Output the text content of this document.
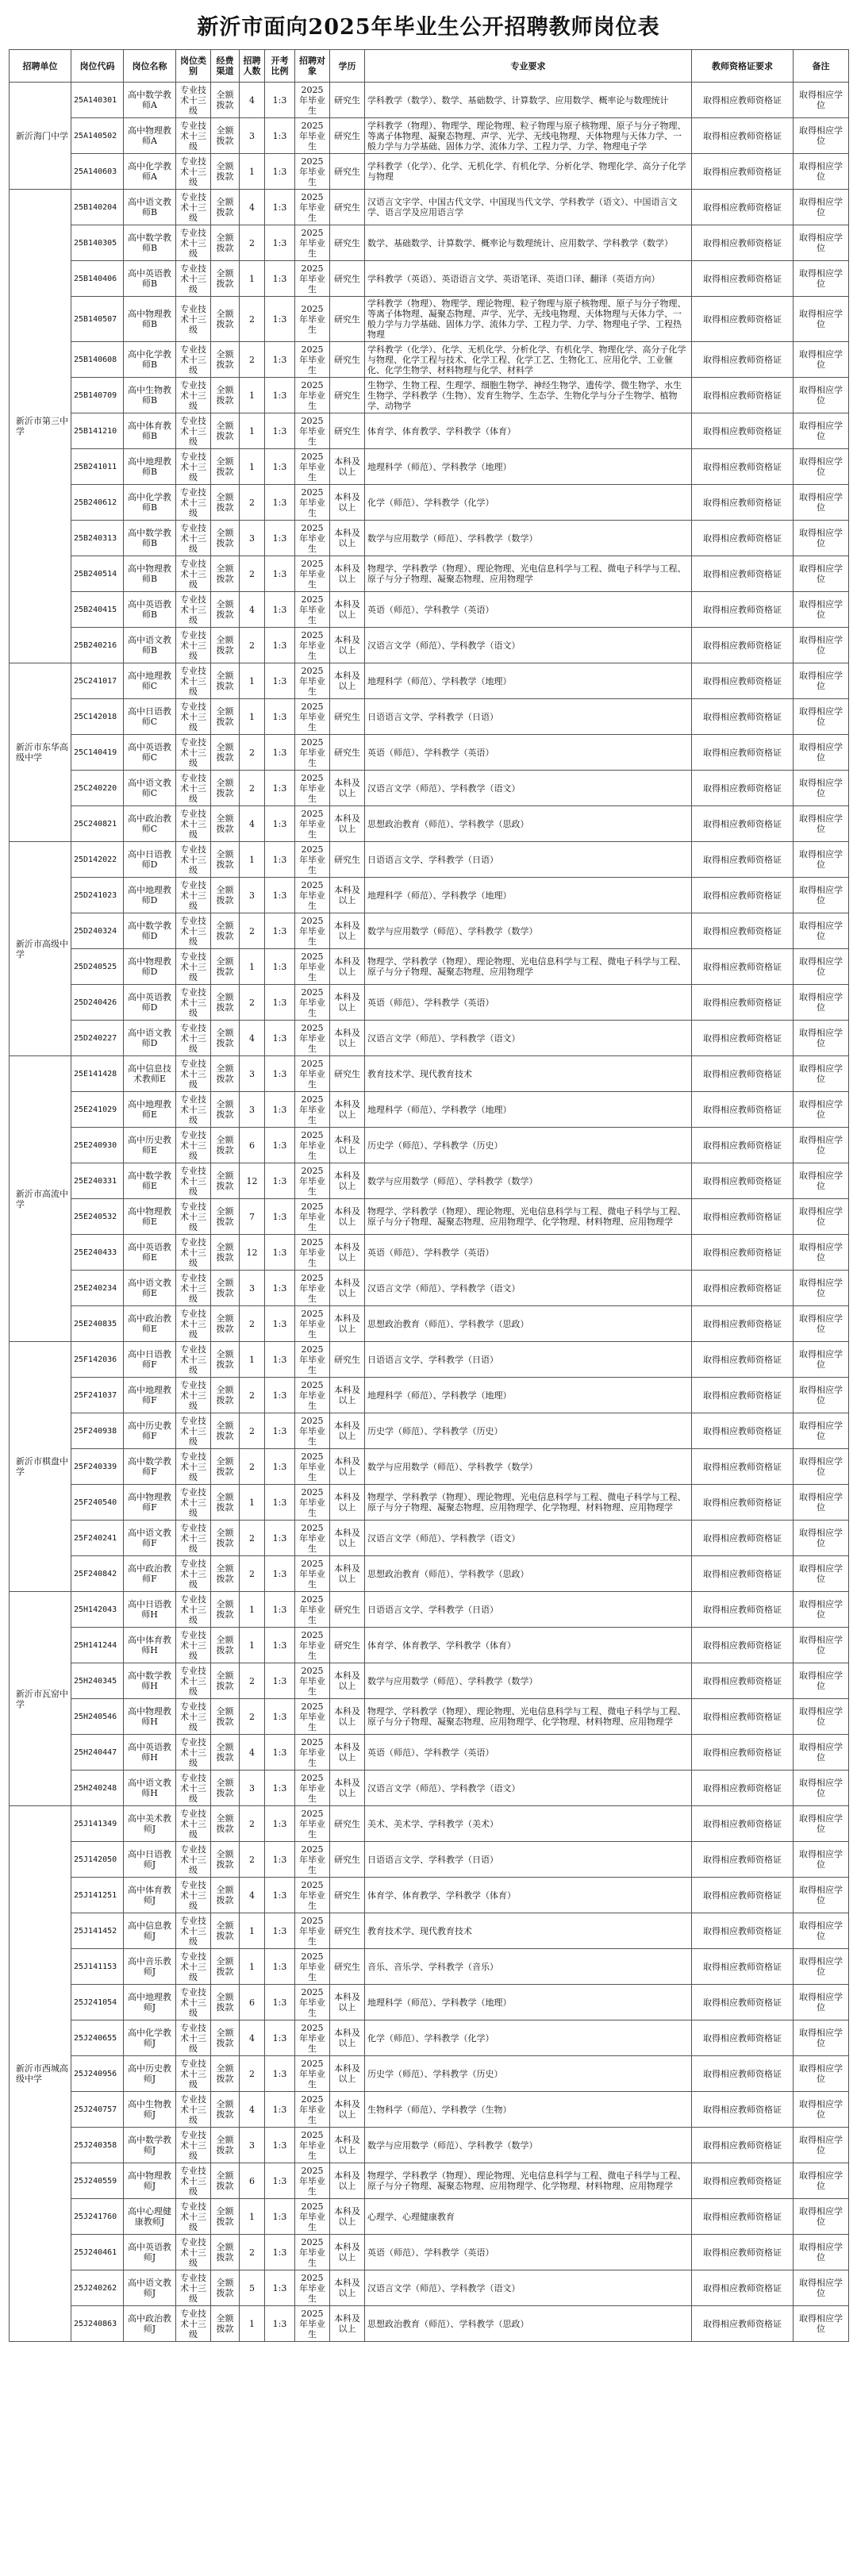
新沂市面向2025年毕业生公开招聘教师岗位表
招聘单位	岗位代码	岗位名称	岗位类别	经费渠道	招聘人数	开考比例	招聘对象	学历	专业要求	教师资格证要求	备注
新沂海门中学	25A140301	高中数学教师A	专业技术十三级	全额拨款	4	1:3	2025年毕业生	研究生	学科教学（数学）、数学、基础数学、计算数学、应用数学、概率论与数理统计	取得相应教师资格证	取得相应学位
	25A140502	高中物理教师A	专业技术十三级	全额拨款	3	1:3	2025年毕业生	研究生	学科教学（物理）、物理学、理论物理、粒子物理与原子核物理、原子与分子物理、等离子体物理、凝聚态物理、声学、光学、无线电物理、天体物理与天体力学、一般力学与力学基础、固体力学、流体力学、工程力学、力学、物理电子学	取得相应教师资格证	取得相应学位
	25A140603	高中化学教师A	专业技术十三级	全额拨款	1	1:3	2025年毕业生	研究生	学科教学（化学）、化学、无机化学、有机化学、分析化学、物理化学、高分子化学与物理	取得相应教师资格证	取得相应学位
新沂市第三中学	25B140204	高中语文教师B	专业技术十三级	全额拨款	4	1:3	2025年毕业生	研究生	汉语言文字学、中国古代文学、中国现当代文学、学科教学（语文）、中国语言文学、语言学及应用语言学	取得相应教师资格证	取得相应学位
	25B140305	高中数学教师B	专业技术十三级	全额拨款	2	1:3	2025年毕业生	研究生	数学、基础数学、计算数学、概率论与数理统计、应用数学、学科教学（数学）	取得相应教师资格证	取得相应学位
	25B140406	高中英语教师B	专业技术十三级	全额拨款	1	1:3	2025年毕业生	研究生	学科教学（英语）、英语语言文学、英语笔译、英语口译、翻译（英语方向）	取得相应教师资格证	取得相应学位
	25B140507	高中物理教师B	专业技术十三级	全额拨款	2	1:3	2025年毕业生	研究生	学科教学（物理）、物理学、理论物理、粒子物理与原子核物理、原子与分子物理、等离子体物理、凝聚态物理、声学、光学、无线电物理、天体物理与天体力学、一般力学与力学基础、固体力学、流体力学、工程力学、力学、物理电子学、工程热物理	取得相应教师资格证	取得相应学位
	25B140608	高中化学教师B	专业技术十三级	全额拨款	2	1:3	2025年毕业生	研究生	学科教学（化学）、化学、无机化学、分析化学、有机化学、物理化学、高分子化学与物理、化学工程与技术、化学工程、化学工艺、生物化工、应用化学、工业催化、化学生物学、材料物理与化学、材料学	取得相应教师资格证	取得相应学位
	25B140709	高中生物教师B	专业技术十三级	全额拨款	1	1:3	2025年毕业生	研究生	生物学、生物工程、生理学、细胞生物学、神经生物学、遗传学、微生物学、水生生物学、学科教学（生物）、发育生物学、生态学、生物化学与分子生物学、植物学、动物学	取得相应教师资格证	取得相应学位
	25B141210	高中体育教师B	专业技术十三级	全额拨款	1	1:3	2025年毕业生	研究生	体育学、体育教学、学科教学（体育）	取得相应教师资格证	取得相应学位
	25B241011	高中地理教师B	专业技术十三级	全额拨款	1	1:3	2025年毕业生	本科及以上	地理科学（师范）、学科教学（地理）	取得相应教师资格证	取得相应学位
	25B240612	高中化学教师B	专业技术十三级	全额拨款	2	1:3	2025年毕业生	本科及以上	化学（师范）、学科教学（化学）	取得相应教师资格证	取得相应学位
	25B240313	高中数学教师B	专业技术十三级	全额拨款	3	1:3	2025年毕业生	本科及以上	数学与应用数学（师范）、学科教学（数学）	取得相应教师资格证	取得相应学位
	25B240514	高中物理教师B	专业技术十三级	全额拨款	2	1:3	2025年毕业生	本科及以上	物理学、学科教学（物理）、理论物理、光电信息科学与工程、微电子科学与工程、原子与分子物理、凝聚态物理、应用物理学	取得相应教师资格证	取得相应学位
	25B240415	高中英语教师B	专业技术十三级	全额拨款	4	1:3	2025年毕业生	本科及以上	英语（师范）、学科教学（英语）	取得相应教师资格证	取得相应学位
	25B240216	高中语文教师B	专业技术十三级	全额拨款	2	1:3	2025年毕业生	本科及以上	汉语言文学（师范）、学科教学（语文）	取得相应教师资格证	取得相应学位
新沂市东华高级中学	25C241017	高中地理教师C	专业技术十三级	全额拨款	1	1:3	2025年毕业生	本科及以上	地理科学（师范）、学科教学（地理）	取得相应教师资格证	取得相应学位
	25C142018	高中日语教师C	专业技术十三级	全额拨款	1	1:3	2025年毕业生	研究生	日语语言文学、学科教学（日语）	取得相应教师资格证	取得相应学位
	25C140419	高中英语教师C	专业技术十三级	全额拨款	2	1:3	2025年毕业生	研究生	英语（师范）、学科教学（英语）	取得相应教师资格证	取得相应学位
	25C240220	高中语文教师C	专业技术十三级	全额拨款	2	1:3	2025年毕业生	本科及以上	汉语言文学（师范）、学科教学（语文）	取得相应教师资格证	取得相应学位
	25C240821	高中政治教师C	专业技术十三级	全额拨款	4	1:3	2025年毕业生	本科及以上	思想政治教育（师范）、学科教学（思政）	取得相应教师资格证	取得相应学位
新沂市高级中学	25D142022	高中日语教师D	专业技术十三级	全额拨款	1	1:3	2025年毕业生	研究生	日语语言文学、学科教学（日语）	取得相应教师资格证	取得相应学位
	25D241023	高中地理教师D	专业技术十三级	全额拨款	3	1:3	2025年毕业生	本科及以上	地理科学（师范）、学科教学（地理）	取得相应教师资格证	取得相应学位
	25D240324	高中数学教师D	专业技术十三级	全额拨款	2	1:3	2025年毕业生	本科及以上	数学与应用数学（师范）、学科教学（数学）	取得相应教师资格证	取得相应学位
	25D240525	高中物理教师D	专业技术十三级	全额拨款	1	1:3	2025年毕业生	本科及以上	物理学、学科教学（物理）、理论物理、光电信息科学与工程、微电子科学与工程、原子与分子物理、凝聚态物理、应用物理学	取得相应教师资格证	取得相应学位
	25D240426	高中英语教师D	专业技术十三级	全额拨款	2	1:3	2025年毕业生	本科及以上	英语（师范）、学科教学（英语）	取得相应教师资格证	取得相应学位
	25D240227	高中语文教师D	专业技术十三级	全额拨款	4	1:3	2025年毕业生	本科及以上	汉语言文学（师范）、学科教学（语文）	取得相应教师资格证	取得相应学位
新沂市高流中学	25E141428	高中信息技术教师E	专业技术十三级	全额拨款	3	1:3	2025年毕业生	研究生	教育技术学、现代教育技术	取得相应教师资格证	取得相应学位
	25E241029	高中地理教师E	专业技术十三级	全额拨款	3	1:3	2025年毕业生	本科及以上	地理科学（师范）、学科教学（地理）	取得相应教师资格证	取得相应学位
	25E240930	高中历史教师E	专业技术十三级	全额拨款	6	1:3	2025年毕业生	本科及以上	历史学（师范）、学科教学（历史）	取得相应教师资格证	取得相应学位
	25E240331	高中数学教师E	专业技术十三级	全额拨款	12	1:3	2025年毕业生	本科及以上	数学与应用数学（师范）、学科教学（数学）	取得相应教师资格证	取得相应学位
	25E240532	高中物理教师E	专业技术十三级	全额拨款	7	1:3	2025年毕业生	本科及以上	物理学、学科教学（物理）、理论物理、光电信息科学与工程、微电子科学与工程、原子与分子物理、凝聚态物理、应用物理学、化学物理、材料物理、应用物理学	取得相应教师资格证	取得相应学位
	25E240433	高中英语教师E	专业技术十三级	全额拨款	12	1:3	2025年毕业生	本科及以上	英语（师范）、学科教学（英语）	取得相应教师资格证	取得相应学位
	25E240234	高中语文教师E	专业技术十三级	全额拨款	3	1:3	2025年毕业生	本科及以上	汉语言文学（师范）、学科教学（语文）	取得相应教师资格证	取得相应学位
	25E240835	高中政治教师E	专业技术十三级	全额拨款	2	1:3	2025年毕业生	本科及以上	思想政治教育（师范）、学科教学（思政）	取得相应教师资格证	取得相应学位
新沂市棋盘中学	25F142036	高中日语教师F	专业技术十三级	全额拨款	1	1:3	2025年毕业生	研究生	日语语言文学、学科教学（日语）	取得相应教师资格证	取得相应学位
	25F241037	高中地理教师F	专业技术十三级	全额拨款	2	1:3	2025年毕业生	本科及以上	地理科学（师范）、学科教学（地理）	取得相应教师资格证	取得相应学位
	25F240938	高中历史教师F	专业技术十三级	全额拨款	2	1:3	2025年毕业生	本科及以上	历史学（师范）、学科教学（历史）	取得相应教师资格证	取得相应学位
	25F240339	高中数学教师F	专业技术十三级	全额拨款	2	1:3	2025年毕业生	本科及以上	数学与应用数学（师范）、学科教学（数学）	取得相应教师资格证	取得相应学位
	25F240540	高中物理教师F	专业技术十三级	全额拨款	1	1:3	2025年毕业生	本科及以上	物理学、学科教学（物理）、理论物理、光电信息科学与工程、微电子科学与工程、原子与分子物理、凝聚态物理、应用物理学、化学物理、材料物理、应用物理学	取得相应教师资格证	取得相应学位
	25F240241	高中语文教师F	专业技术十三级	全额拨款	2	1:3	2025年毕业生	本科及以上	汉语言文学（师范）、学科教学（语文）	取得相应教师资格证	取得相应学位
	25F240842	高中政治教师F	专业技术十三级	全额拨款	2	1:3	2025年毕业生	本科及以上	思想政治教育（师范）、学科教学（思政）	取得相应教师资格证	取得相应学位
新沂市瓦窑中学	25H142043	高中日语教师H	专业技术十三级	全额拨款	1	1:3	2025年毕业生	研究生	日语语言文学、学科教学（日语）	取得相应教师资格证	取得相应学位
	25H141244	高中体育教师H	专业技术十三级	全额拨款	1	1:3	2025年毕业生	研究生	体育学、体育教学、学科教学（体育）	取得相应教师资格证	取得相应学位
	25H240345	高中数学教师H	专业技术十三级	全额拨款	2	1:3	2025年毕业生	本科及以上	数学与应用数学（师范）、学科教学（数学）	取得相应教师资格证	取得相应学位
	25H240546	高中物理教师H	专业技术十三级	全额拨款	2	1:3	2025年毕业生	本科及以上	物理学、学科教学（物理）、理论物理、光电信息科学与工程、微电子科学与工程、原子与分子物理、凝聚态物理、应用物理学、化学物理、材料物理、应用物理学	取得相应教师资格证	取得相应学位
	25H240447	高中英语教师H	专业技术十三级	全额拨款	4	1:3	2025年毕业生	本科及以上	英语（师范）、学科教学（英语）	取得相应教师资格证	取得相应学位
	25H240248	高中语文教师H	专业技术十三级	全额拨款	3	1:3	2025年毕业生	本科及以上	汉语言文学（师范）、学科教学（语文）	取得相应教师资格证	取得相应学位
新沂市西城高级中学	25J141349	高中美术教师J	专业技术十三级	全额拨款	2	1:3	2025年毕业生	研究生	美术、美术学、学科教学（美术）	取得相应教师资格证	取得相应学位
	25J142050	高中日语教师J	专业技术十三级	全额拨款	2	1:3	2025年毕业生	研究生	日语语言文学、学科教学（日语）	取得相应教师资格证	取得相应学位
	25J141251	高中体育教师J	专业技术十三级	全额拨款	4	1:3	2025年毕业生	研究生	体育学、体育教学、学科教学（体育）	取得相应教师资格证	取得相应学位
	25J141452	高中信息教师J	专业技术十三级	全额拨款	1	1:3	2025年毕业生	研究生	教育技术学、现代教育技术	取得相应教师资格证	取得相应学位
	25J141153	高中音乐教师J	专业技术十三级	全额拨款	1	1:3	2025年毕业生	研究生	音乐、音乐学、学科教学（音乐）	取得相应教师资格证	取得相应学位
	25J241054	高中地理教师J	专业技术十三级	全额拨款	6	1:3	2025年毕业生	本科及以上	地理科学（师范）、学科教学（地理）	取得相应教师资格证	取得相应学位
	25J240655	高中化学教师J	专业技术十三级	全额拨款	4	1:3	2025年毕业生	本科及以上	化学（师范）、学科教学（化学）	取得相应教师资格证	取得相应学位
	25J240956	高中历史教师J	专业技术十三级	全额拨款	2	1:3	2025年毕业生	本科及以上	历史学（师范）、学科教学（历史）	取得相应教师资格证	取得相应学位
	25J240757	高中生物教师J	专业技术十三级	全额拨款	4	1:3	2025年毕业生	本科及以上	生物科学（师范）、学科教学（生物）	取得相应教师资格证	取得相应学位
	25J240358	高中数学教师J	专业技术十三级	全额拨款	3	1:3	2025年毕业生	本科及以上	数学与应用数学（师范）、学科教学（数学）	取得相应教师资格证	取得相应学位
	25J240559	高中物理教师J	专业技术十三级	全额拨款	6	1:3	2025年毕业生	本科及以上	物理学、学科教学（物理）、理论物理、光电信息科学与工程、微电子科学与工程、原子与分子物理、凝聚态物理、应用物理学、化学物理、材料物理、应用物理学	取得相应教师资格证	取得相应学位
	25J241760	高中心理健康教师J	专业技术十三级	全额拨款	1	1:3	2025年毕业生	本科及以上	心理学、心理健康教育	取得相应教师资格证	取得相应学位
	25J240461	高中英语教师J	专业技术十三级	全额拨款	2	1:3	2025年毕业生	本科及以上	英语（师范）、学科教学（英语）	取得相应教师资格证	取得相应学位
	25J240262	高中语文教师J	专业技术十三级	全额拨款	5	1:3	2025年毕业生	本科及以上	汉语言文学（师范）、学科教学（语文）	取得相应教师资格证	取得相应学位
	25J240863	高中政治教师J	专业技术十三级	全额拨款	1	1:3	2025年毕业生	本科及以上	思想政治教育（师范）、学科教学（思政）	取得相应教师资格证	取得相应学位
